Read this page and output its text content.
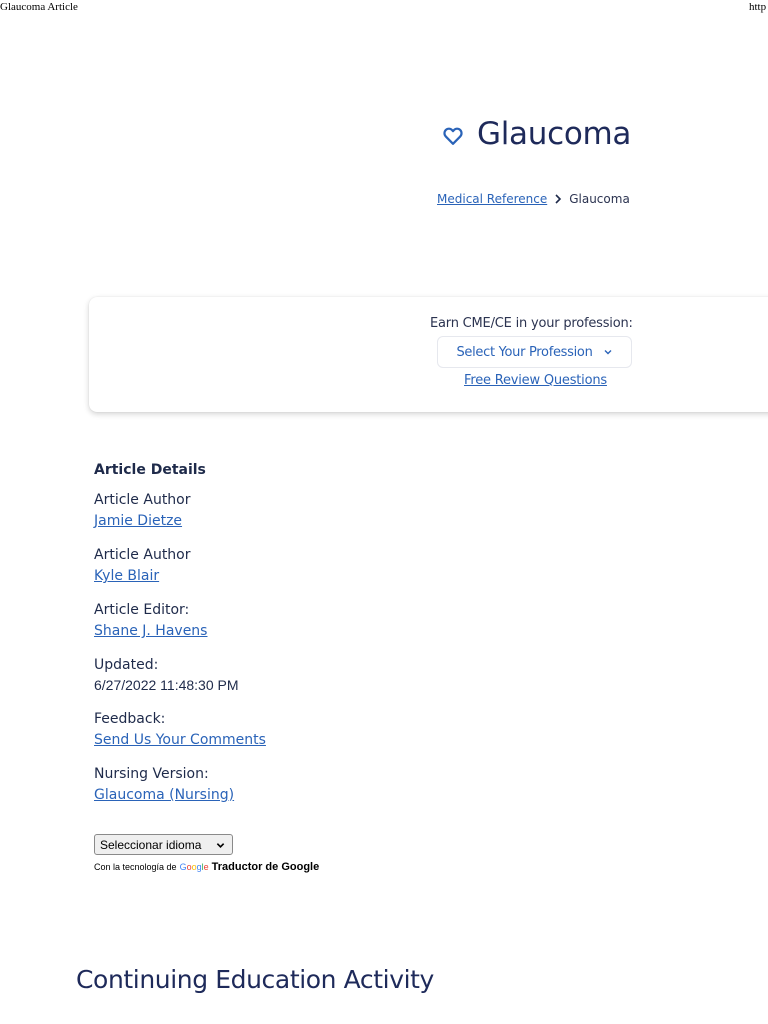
Glaucoma Article	http
Glaucoma
Medical Reference Glaucoma
Earn CME/CE in your profession:
Select Your Profession
Free Review Questions
Article Details
Article Author
Jamie Dietze
Article Author
Kyle Blair
Article Editor:
Shane J. Havens
Updated:
6/27/2022 11:48:30 PM
Feedback:
Send Us Your Comments
Nursing Version:
Glaucoma (Nursing)
Seleccionar idioma
Con la tecnología de Google Traductor de Google
Continuing Education Activity
